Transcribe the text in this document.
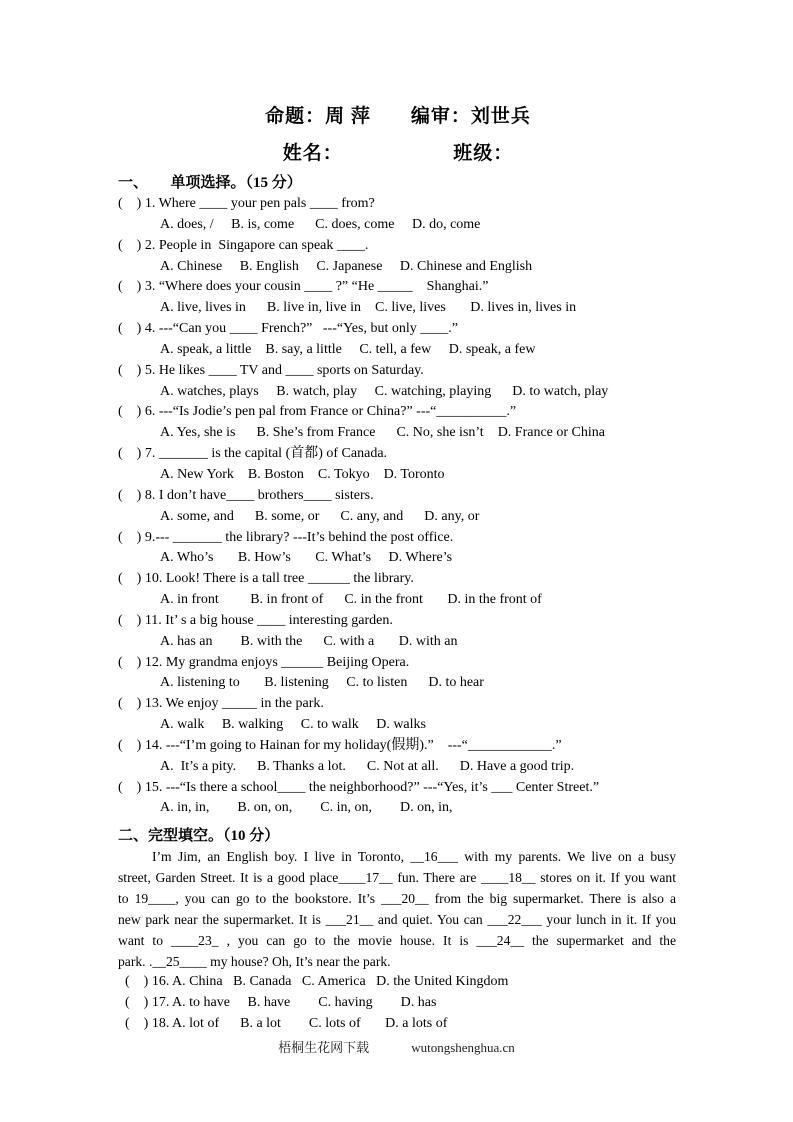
命题：周 萍　　编审：刘世兵
姓名：　　　　　　班级：
一、　　单项选择。（15 分）
(    ) 1. Where ____ your pen pals ____ from?
A. does, /     B. is, come      C. does, come     D. do, come
(    ) 2. People in  Singapore can speak ____.
A. Chinese     B. English     C. Japanese     D. Chinese and English
(    ) 3. “Where does your cousin ____ ?” “He _____    Shanghai.”
A. live, lives in      B. live in, live in    C. live, lives       D. lives in, lives in
(    ) 4. ---“Can you ____ French?”   ---“Yes, but only ____.”
A. speak, a little    B. say, a little     C. tell, a few     D. speak, a few
(    ) 5. He likes ____ TV and ____ sports on Saturday.
A. watches, plays     B. watch, play     C. watching, playing      D. to watch, play
(    ) 6. ---“Is Jodie’s pen pal from France or China?” ---“__________.”
A. Yes, she is      B. She’s from France      C. No, she isn’t    D. France or China
(    ) 7. _______ is the capital (首都) of Canada.
A. New York    B. Boston    C. Tokyo    D. Toronto
(    ) 8. I don’t have____ brothers____ sisters.
A. some, and      B. some, or      C. any, and      D. any, or
(    ) 9.--- _______ the library? ---It’s behind the post office.
A. Who’s       B. How’s       C. What’s     D. Where’s
(    ) 10. Look! There is a tall tree ______ the library.
A. in front         B. in front of      C. in the front       D. in the front of
(    ) 11. It’ s a big house ____ interesting garden.
A. has an        B. with the      C. with a       D. with an
(    ) 12. My grandma enjoys ______ Beijing Opera.
A. listening to       B. listening     C. to listen      D. to hear
(    ) 13. We enjoy _____ in the park.
A. walk     B. walking     C. to walk     D. walks
(    ) 14. ---“I’m going to Hainan for my holiday(假期).”    ---“____________.”
A.  It’s a pity.      B. Thanks a lot.      C. Not at all.      D. Have a good trip.
(    ) 15. ---“Is there a school____ the neighborhood?” ---“Yes, it’s ___ Center Street.”
A. in, in,        B. on, on,        C. in, on,        D. on, in,
二、完型填空。（10 分）
I’m Jim, an English boy. I live in Toronto, __16___ with my parents. We live on a busy
street, Garden Street. It is a good place____17__ fun. There are ____18__ stores on it. If you want
to 19____, you can go to the bookstore. It’s ___20__ from the big supermarket. There is also a
new park near the supermarket. It is ___21__ and quiet. You can ___22___ your lunch in it. If you
want to ____23_ , you can go to the movie house. It is ___24__ the supermarket and the
park. .__25____ my house? Oh, It’s near the park.
(    ) 16. A. China   B. Canada   C. America   D. the United Kingdom
(    ) 17. A. to have     B. have        C. having        D. has
(    ) 18. A. lot of      B. a lot        C. lots of       D. a lots of
梧桐生花网下载	wutongshenghua.cn
